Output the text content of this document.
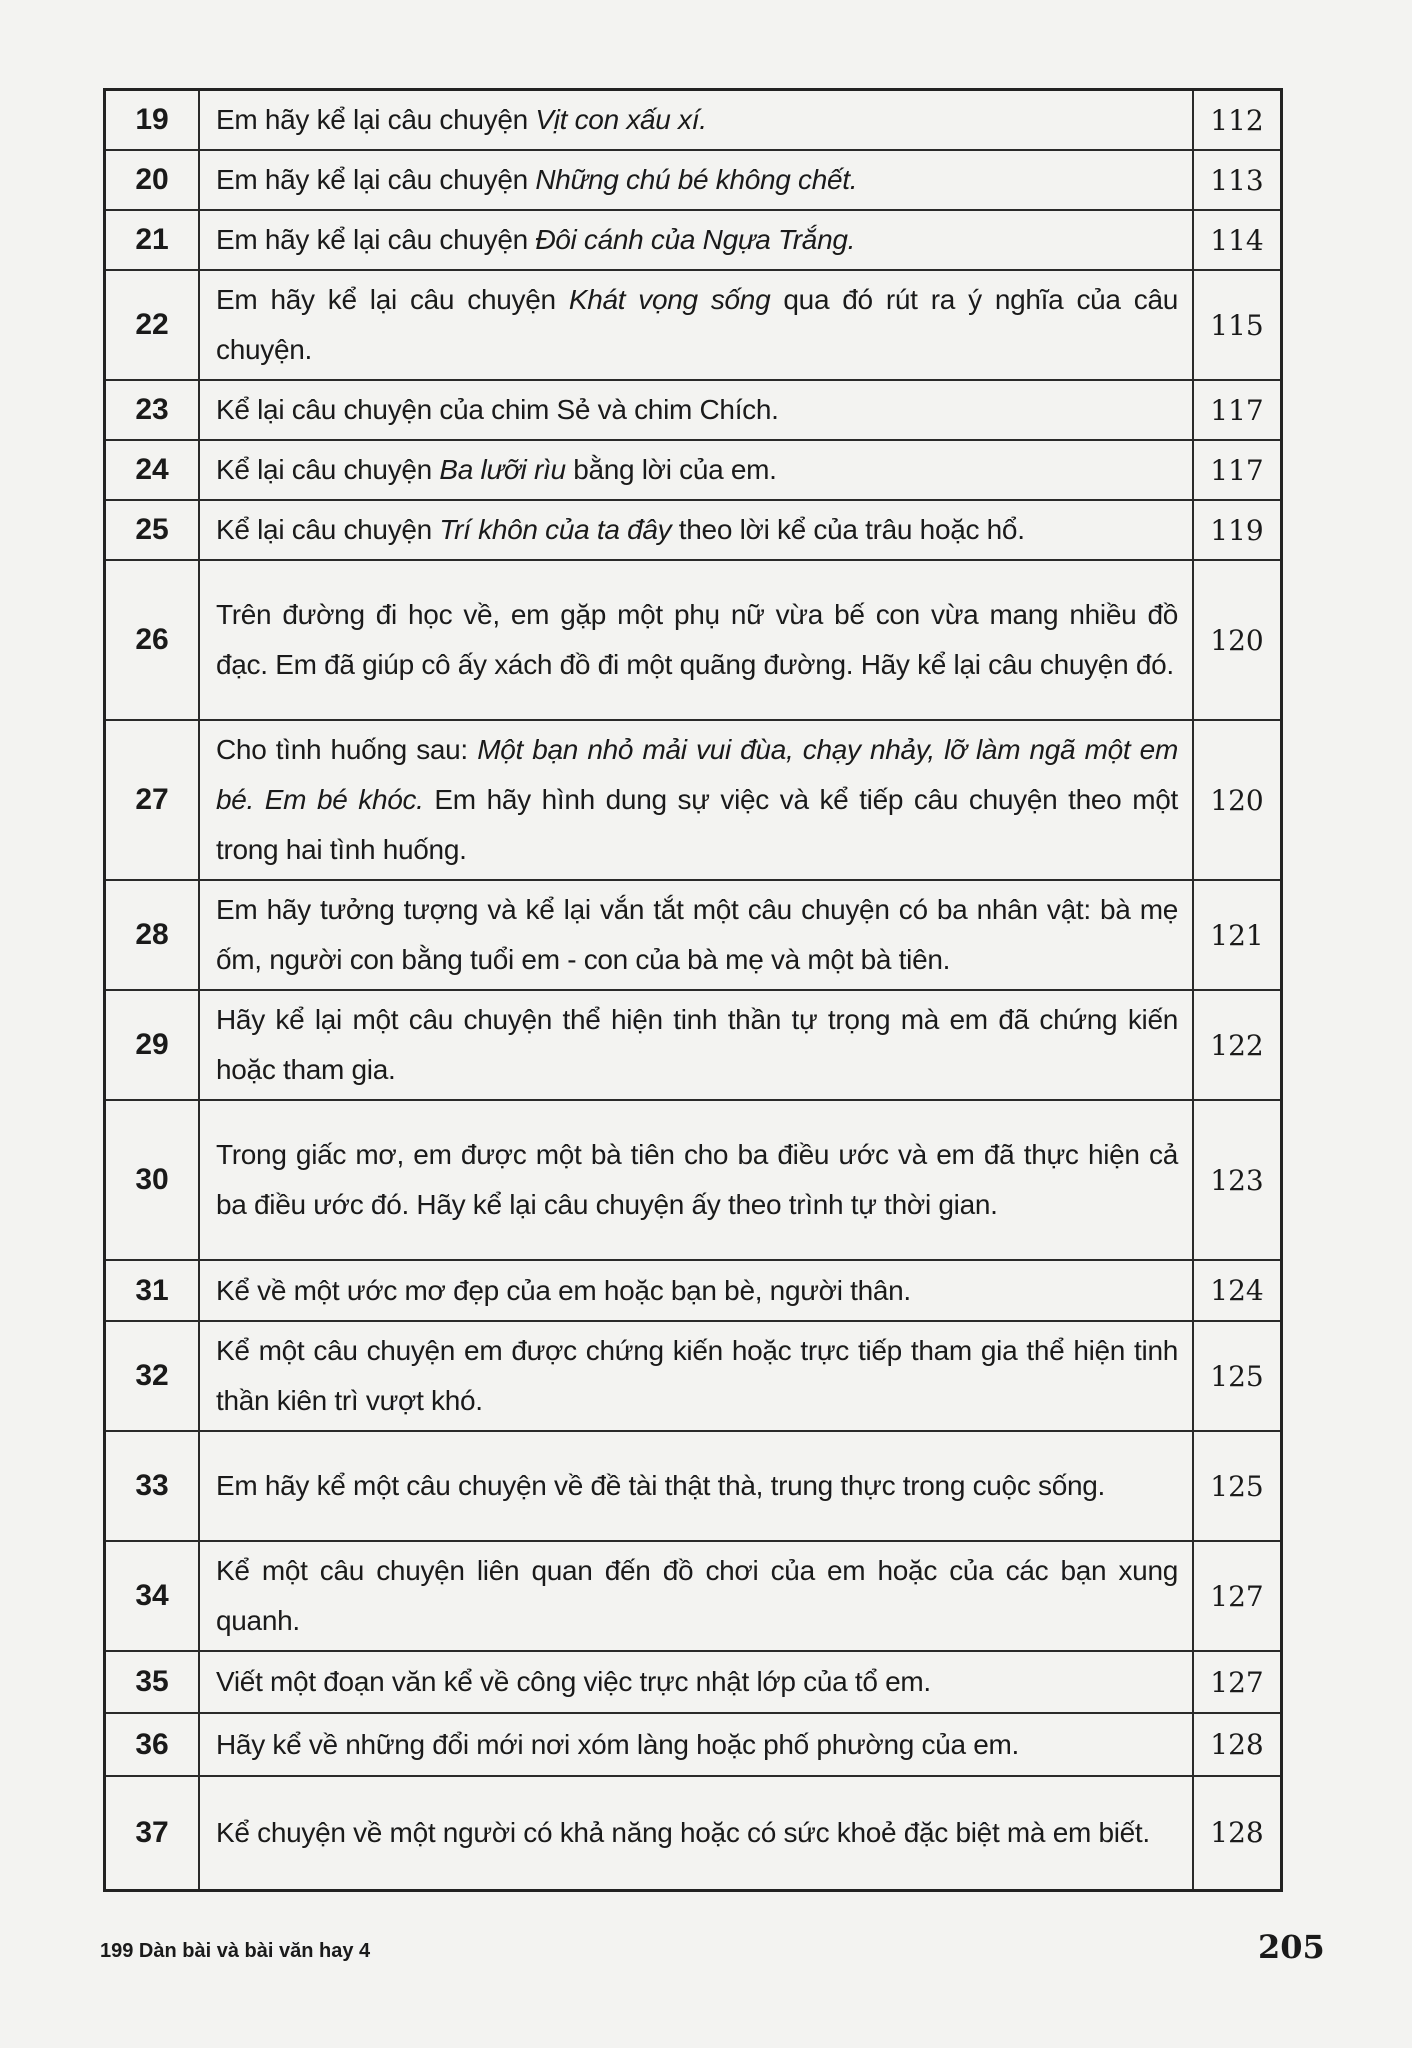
19	Em hãy kể lại câu chuyện Vịt con xấu xí.	112
20	Em hãy kể lại câu chuyện Những chú bé không chết.	113
21	Em hãy kể lại câu chuyện Đôi cánh của Ngựa Trắng.	114
22	Em hãy kể lại câu chuyện Khát vọng sống qua đó rút ra ý nghĩa của câu chuyện.	115
23	Kể lại câu chuyện của chim Sẻ và chim Chích.	117
24	Kể lại câu chuyện Ba lưỡi rìu bằng lời của em.	117
25	Kể lại câu chuyện Trí khôn của ta đây theo lời kể của trâu hoặc hổ.	119
26	Trên đường đi học về, em gặp một phụ nữ vừa bế con vừa mang nhiều đồ đạc. Em đã giúp cô ấy xách đồ đi một quãng đường. Hãy kể lại câu chuyện đó.	120
27	Cho tình huống sau: Một bạn nhỏ mải vui đùa, chạy nhảy, lỡ làm ngã một em bé. Em bé khóc. Em hãy hình dung sự việc và kể tiếp câu chuyện theo một trong hai tình huống.	120
28	Em hãy tưởng tượng và kể lại vắn tắt một câu chuyện có ba nhân vật: bà mẹ ốm, người con bằng tuổi em - con của bà mẹ và một bà tiên.	121
29	Hãy kể lại một câu chuyện thể hiện tinh thần tự trọng mà em đã chứng kiến hoặc tham gia.	122
30	Trong giấc mơ, em được một bà tiên cho ba điều ước và em đã thực hiện cả ba điều ước đó. Hãy kể lại câu chuyện ấy theo trình tự thời gian.	123
31	Kể về một ước mơ đẹp của em hoặc bạn bè, người thân.	124
32	Kể một câu chuyện em được chứng kiến hoặc trực tiếp tham gia thể hiện tinh thần kiên trì vượt khó.	125
33	Em hãy kể một câu chuyện về đề tài thật thà, trung thực trong cuộc sống.	125
34	Kể một câu chuyện liên quan đến đồ chơi của em hoặc của các bạn xung quanh.	127
35	Viết một đoạn văn kể về công việc trực nhật lớp của tổ em.	127
36	Hãy kể về những đổi mới nơi xóm làng hoặc phố phường của em.	128
37	Kể chuyện về một người có khả năng hoặc có sức khoẻ đặc biệt mà em biết.	128
199 Dàn bài và bài văn hay 4	205
